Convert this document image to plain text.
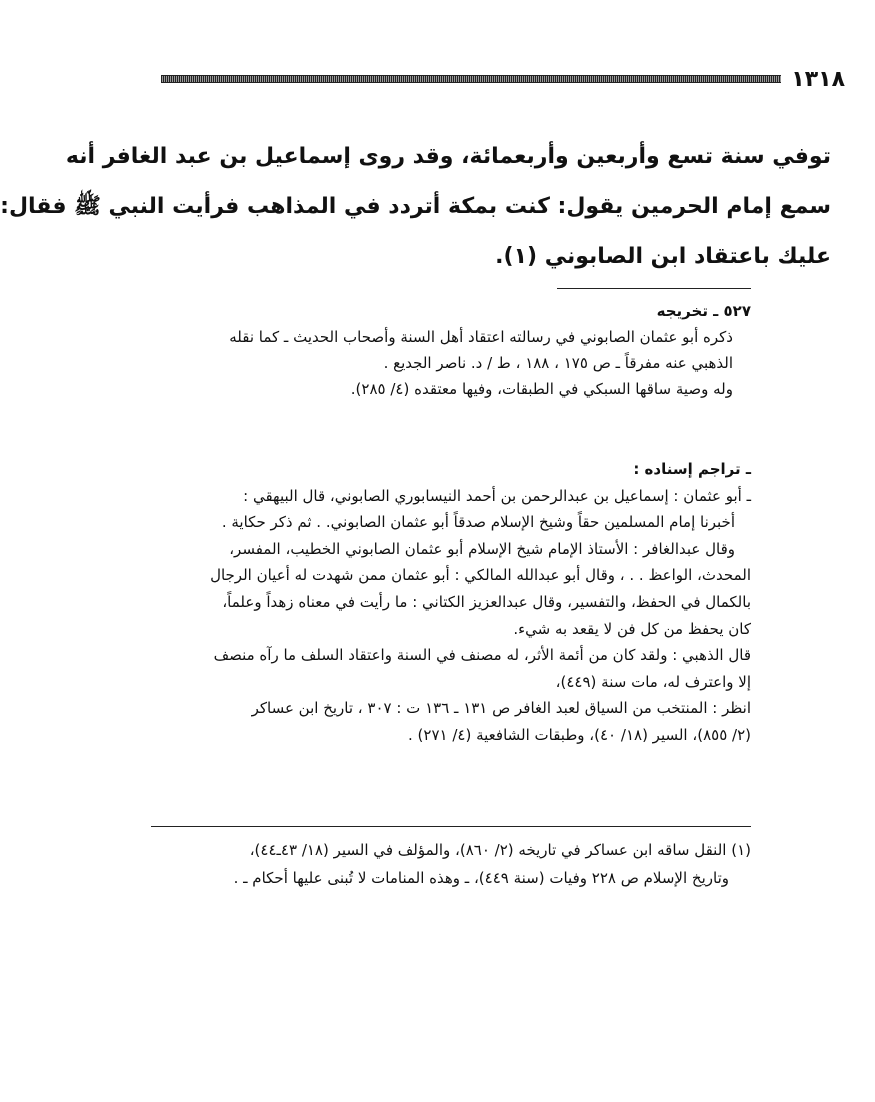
١٣١٨
توفي سنة تسع وأربعين وأربعمائة، وقد روى إسماعيل بن عبد الغافر أنه
سمع إمام الحرمين يقول: كنت بمكة أتردد في المذاهب فرأيت النبي ﷺ فقال:
عليك باعتقاد ابن الصابوني (١).
٥٢٧ ـ تخريجه
ذكره أبو عثمان الصابوني في رسالته اعتقاد أهل السنة وأصحاب الحديث ـ كما نقله
الذهبي عنه مفرقاً ـ ص ١٧٥ ، ١٨٨ ، ط / د. ناصر الجديع .
وله وصية ساقها السبكي في الطبقات، وفيها معتقده (٤/ ٢٨٥).
ـ تراجم إسناده :
ـ أبو عثمان : إسماعيل بن عبدالرحمن بن أحمد النيسابوري الصابوني، قال البيهقي :
أخبرنا إمام المسلمين حقاً وشيخ الإسلام صدقاً أبو عثمان الصابوني. . ثم ذكر حكاية .
وقال عبدالغافر : الأستاذ الإمام شيخ الإسلام أبو عثمان الصابوني الخطيب، المفسر،
المحدث، الواعظ . . ، وقال أبو عبدالله المالكي : أبو عثمان ممن شهدت له أعيان الرجال
بالكمال في الحفظ، والتفسير، وقال عبدالعزيز الكتاني : ما رأيت في معناه زهداً وعلماً،
كان يحفظ من كل فن لا يقعد به شيء.
قال الذهبي : ولقد كان من أئمة الأثر، له مصنف في السنة واعتقاد السلف ما رآه منصف
إلا واعترف له، مات سنة (٤٤٩)،
انظر : المنتخب من السياق لعبد الغافر ص ١٣١ ـ ١٣٦ ت : ٣٠٧ ، تاريخ ابن عساكر
(٢/ ٨٥٥)، السير (١٨/ ٤٠)، وطبقات الشافعية (٤/ ٢٧١) .
(١) النقل ساقه ابن عساكر في تاريخه (٢/ ٨٦٠)، والمؤلف في السير (١٨/ ٤٣ـ٤٤)،
وتاريخ الإسلام ص ٢٢٨ وفيات (سنة ٤٤٩)، ـ وهذه المنامات لا تُبنى عليها أحكام ـ .
